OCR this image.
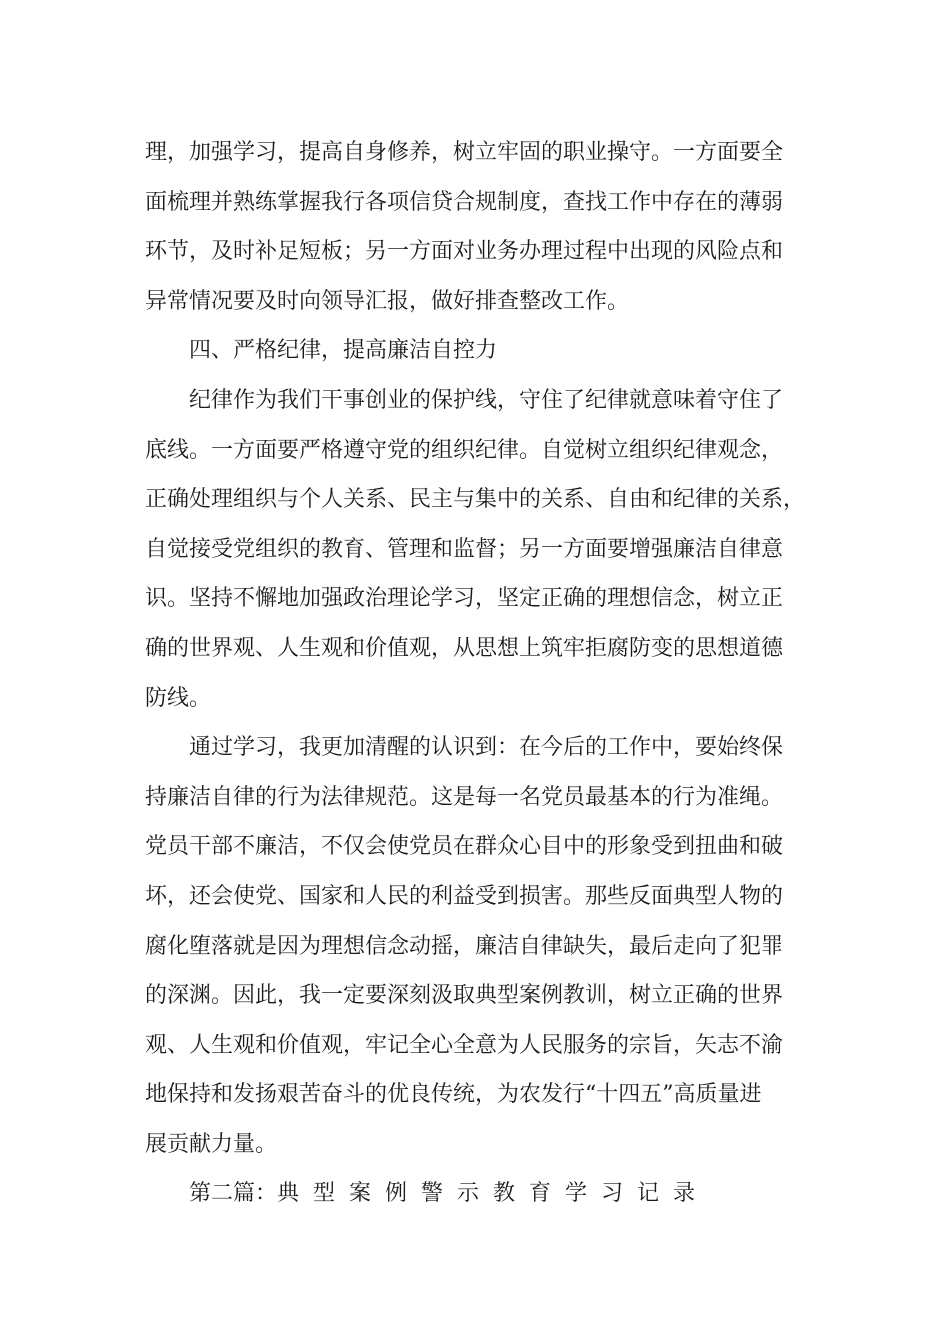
理，加强学习，提高自身修养，树立牢固的职业操守。一方面要全
面梳理并熟练掌握我行各项信贷合规制度，查找工作中存在的薄弱
环节，及时补足短板；另一方面对业务办理过程中出现的风险点和
异常情况要及时向领导汇报，做好排查整改工作。
四、严格纪律，提高廉洁自控力
纪律作为我们干事创业的保护线，守住了纪律就意味着守住了
底线。一方面要严格遵守党的组织纪律。自觉树立组织纪律观念，
正确处理组织与个人关系、民主与集中的关系、自由和纪律的关系，
自觉接受党组织的教育、管理和监督；另一方面要增强廉洁自律意
识。坚持不懈地加强政治理论学习，坚定正确的理想信念，树立正
确的世界观、人生观和价值观，从思想上筑牢拒腐防变的思想道德
防线。
通过学习，我更加清醒的认识到：在今后的工作中，要始终保
持廉洁自律的行为法律规范。这是每一名党员最基本的行为准绳。
党员干部不廉洁，不仅会使党员在群众心目中的形象受到扭曲和破
坏，还会使党、国家和人民的利益受到损害。那些反面典型人物的
腐化堕落就是因为理想信念动摇，廉洁自律缺失，最后走向了犯罪
的深渊。因此，我一定要深刻汲取典型案例教训，树立正确的世界
观、人生观和价值观，牢记全心全意为人民服务的宗旨，矢志不渝
地保持和发扬艰苦奋斗的优良传统，为农发行“十四五”高质量进
展贡献力量。
第二篇：典型案例警示教育学习记录
